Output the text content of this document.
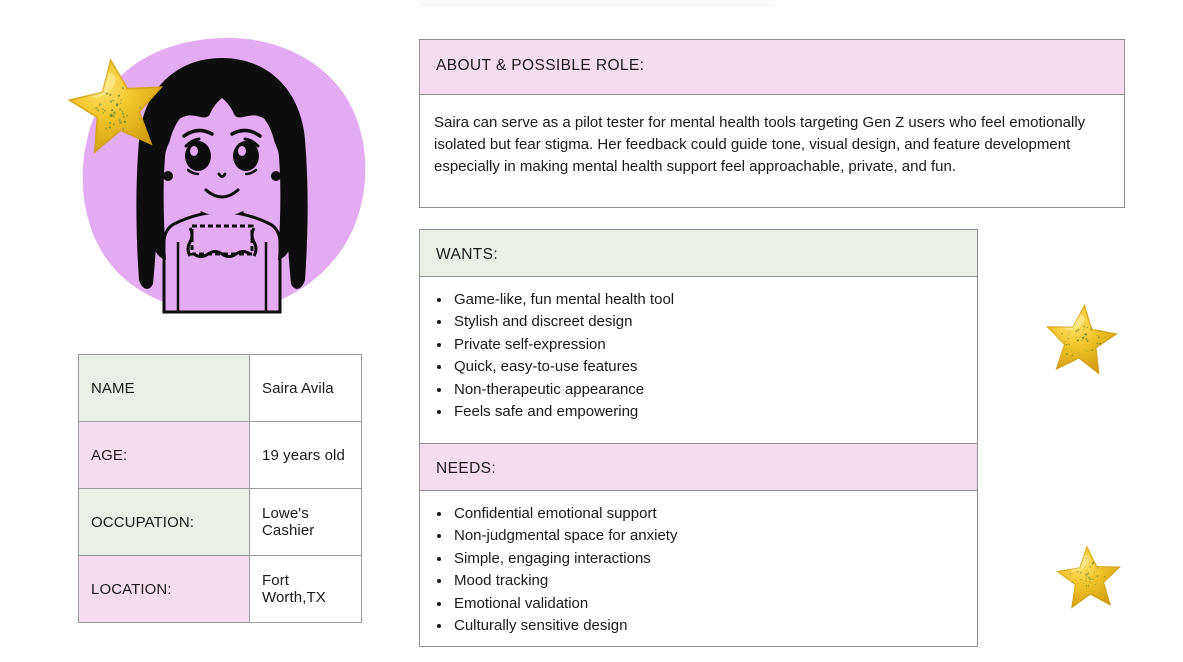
NAME	Saira Avila
AGE:	19 years old
OCCUPATION:	Lowe's Cashier
LOCATION:	Fort Worth,TX
ABOUT & POSSIBLE ROLE:

Saira can serve as a pilot tester for mental health tools targeting Gen Z users who feel emotionally isolated but fear stigma. Her feedback could guide tone, visual design, and feature development especially in making mental health support feel approachable, private, and fun.

WANTS:
• Game-like, fun mental health tool
• Stylish and discreet design
• Private self-expression
• Quick, easy-to-use features
• Non-therapeutic appearance
• Feels safe and empowering
NEEDS:
• Confidential emotional support
• Non-judgmental space for anxiety
• Simple, engaging interactions
• Mood tracking
• Emotional validation
• Culturally sensitive design
